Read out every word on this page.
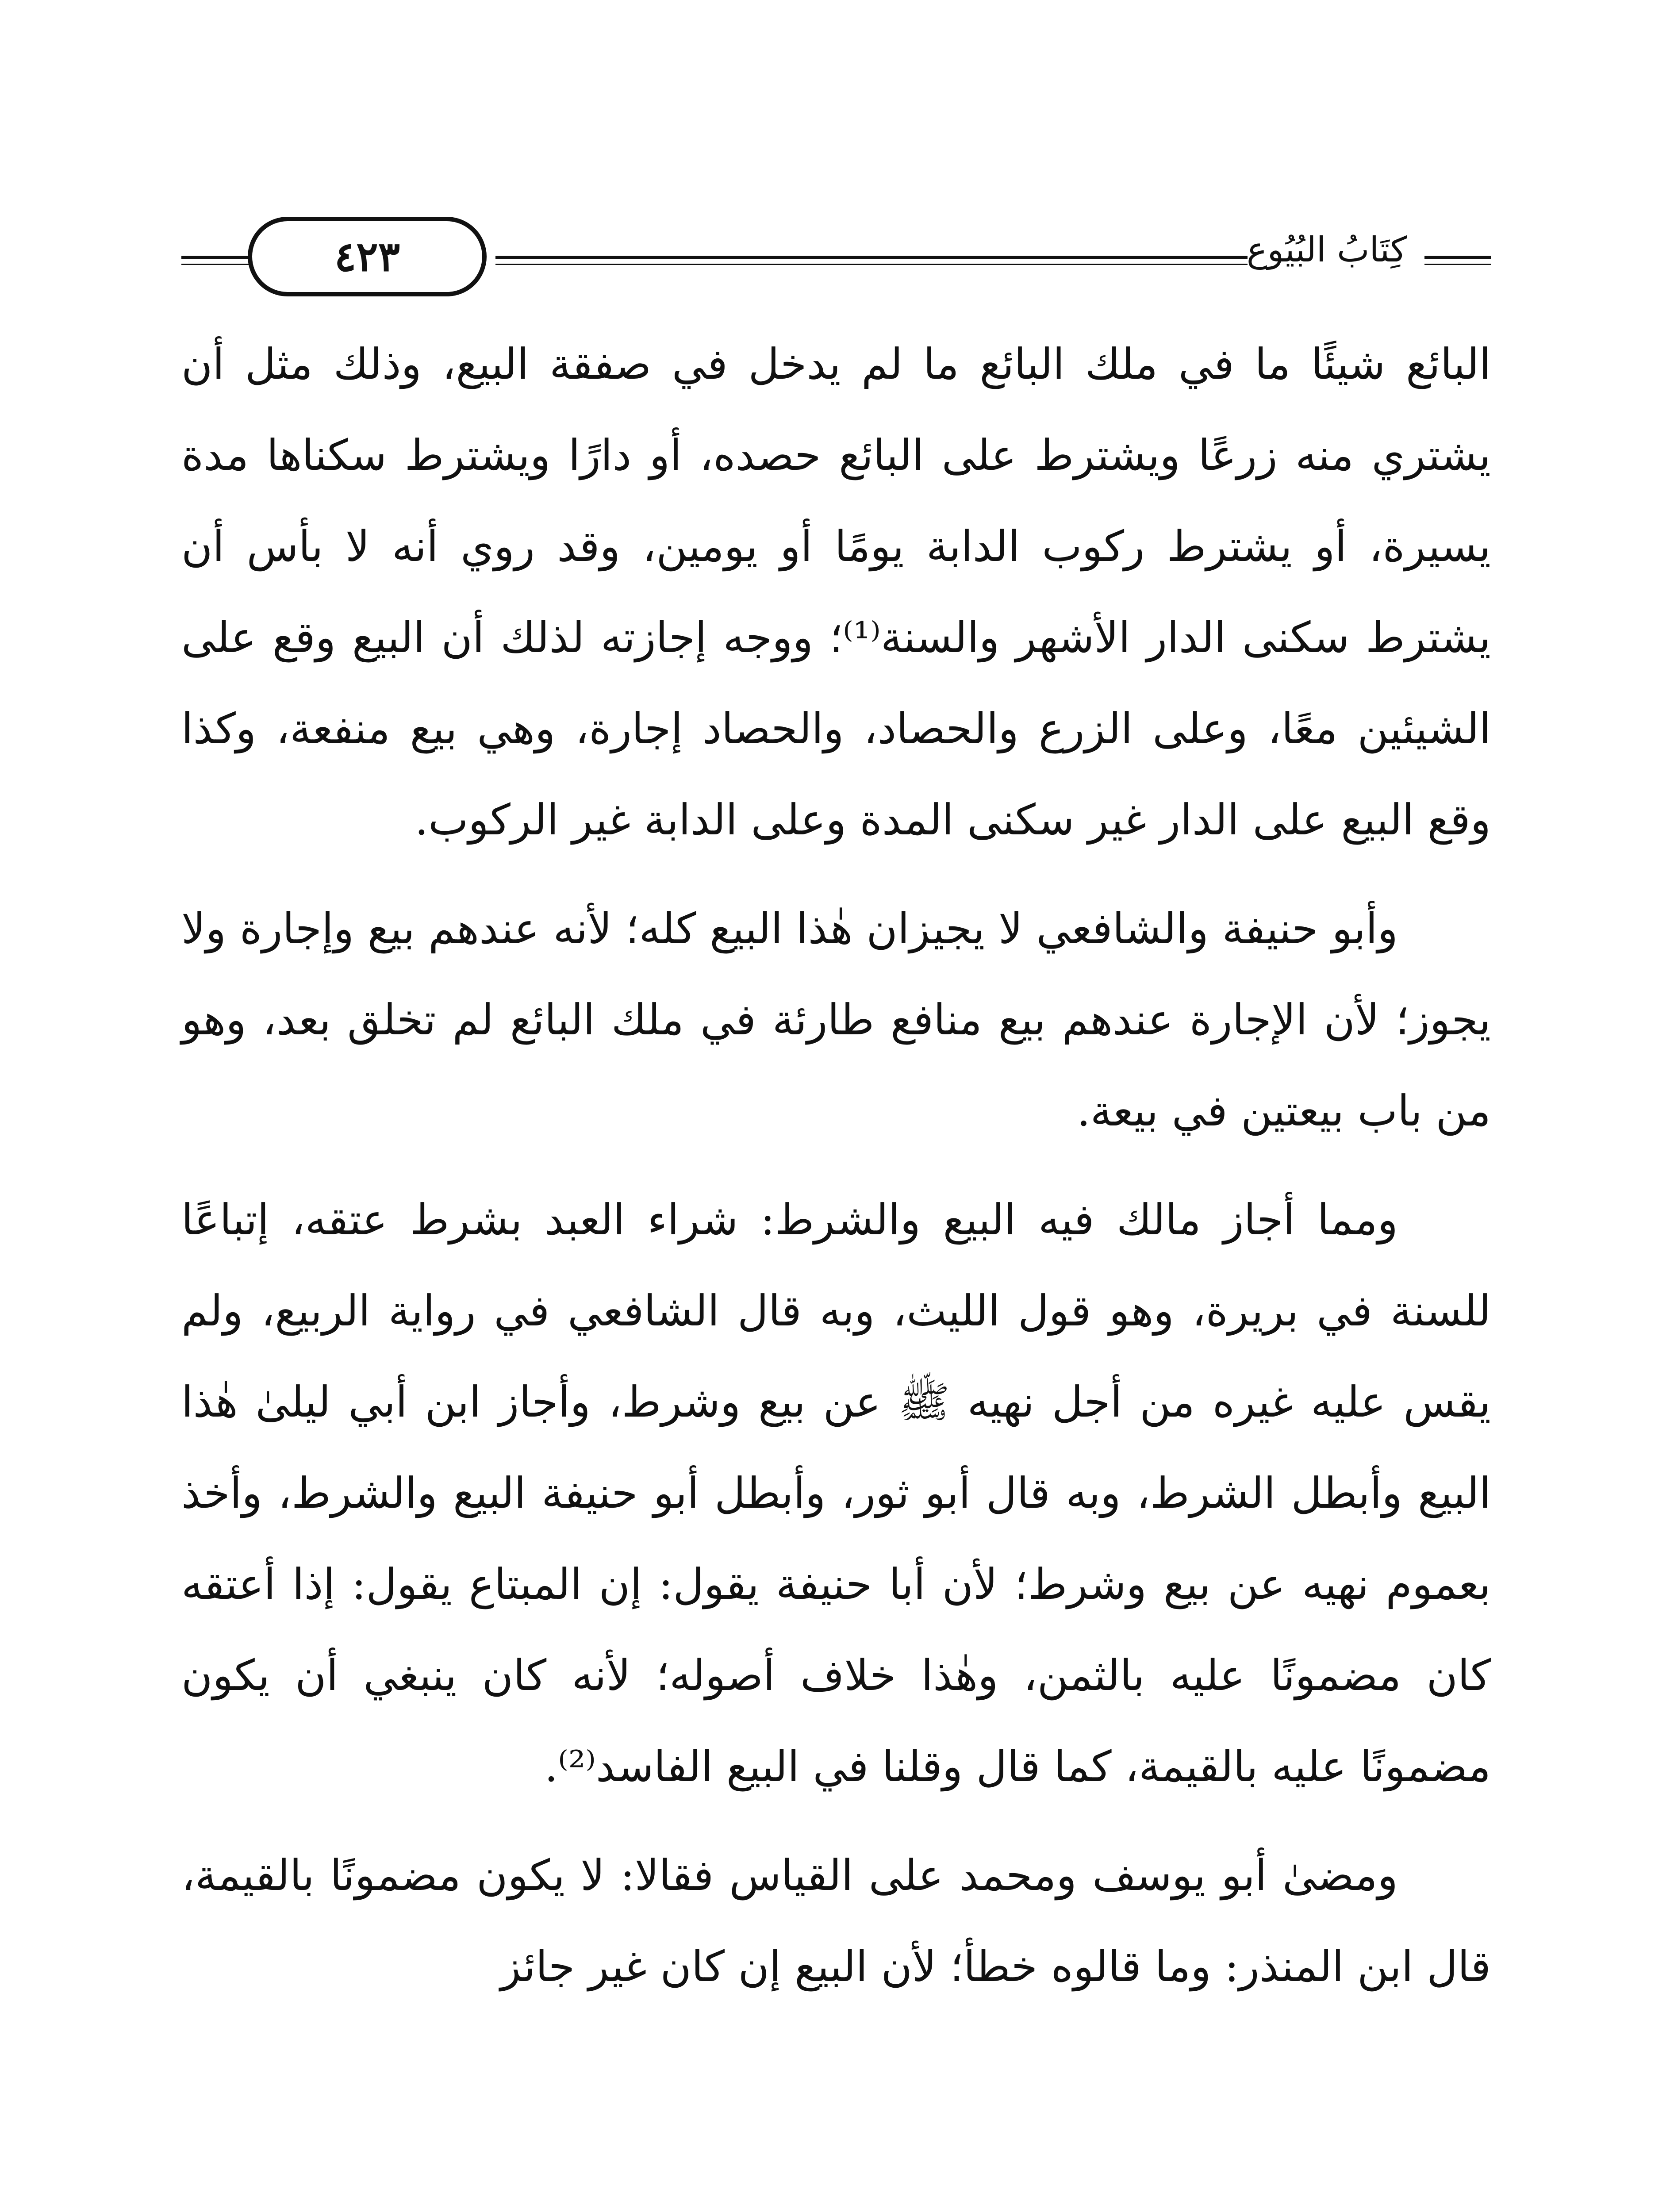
كِتَابُ البُيُوع
٤٢٣

البائع شيئًا ما في ملك البائع ما لم يدخل في صفقة البيع، وذلك مثل أن يشتري منه زرعًا ويشترط على البائع حصده، أو دارًا ويشترط سكناها مدة يسيرة، أو يشترط ركوب الدابة يومًا أو يومين، وقد روي أنه لا بأس أن يشترط سكنى الدار الأشهر والسنة⁽¹⁾؛ ووجه إجازته لذلك أن البيع وقع على الشيئين معًا، وعلى الزرع والحصاد، والحصاد إجارة، وهي بيع منفعة، وكذا وقع البيع على الدار غير سكنى المدة وعلى الدابة غير الركوب.

وأبو حنيفة والشافعي لا يجيزان هٰذا البيع كله؛ لأنه عندهم بيع وإجارة ولا يجوز؛ لأن الإجارة عندهم بيع منافع طارئة في ملك البائع لم تخلق بعد، وهو من باب بيعتين في بيعة.

ومما أجاز مالك فيه البيع والشرط: شراء العبد بشرط عتقه، إتباعًا للسنة في بريرة، وهو قول الليث، وبه قال الشافعي في رواية الربيع، ولم يقس عليه غيره من أجل نهيه ﷺ عن بيع وشرط، وأجاز ابن أبي ليلىٰ هٰذا البيع وأبطل الشرط، وبه قال أبو ثور، وأبطل أبو حنيفة البيع والشرط، وأخذ بعموم نهيه عن بيع وشرط؛ لأن أبا حنيفة يقول: إن المبتاع يقول: إذا أعتقه كان مضمونًا عليه بالثمن، وهٰذا خلاف أصوله؛ لأنه كان ينبغي أن يكون مضمونًا عليه بالقيمة، كما قال وقلنا في البيع الفاسد⁽²⁾.

ومضىٰ أبو يوسف ومحمد على القياس فقالا: لا يكون مضمونًا بالقيمة، قال ابن المنذر: وما قالوه خطأ؛ لأن البيع إن كان غير جائز
